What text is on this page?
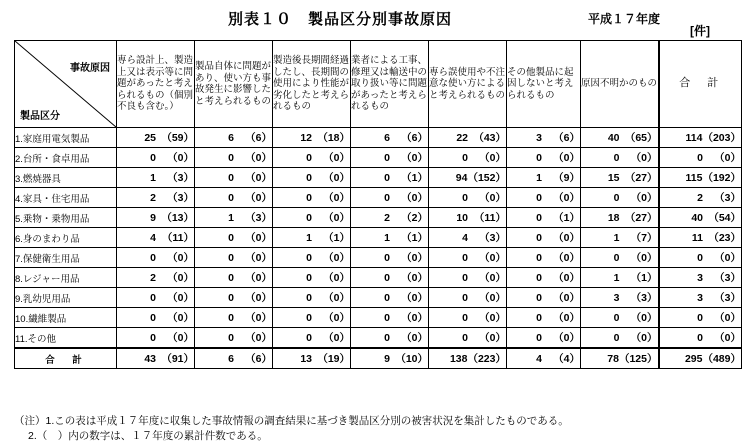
別表１０　製品区分別事故原因	平成１７年度
[件]
事故原因
製品区分	専ら設計上、製造上又は表示等に問題があったと考えられるもの（個別不良も含む。）	製品自体に問題があり、使い方も事故発生に影響したと考えられるもの	製造後長期間経過したし、長期間の使用により性能が劣化したと考えられるもの	業者による工事、修理又は輸送中の取り扱い等に問題があったと考えられるもの	専ら誤使用や不注意な使い方によると考えられるもの	その他製品に起因しないと考えられるもの	原因不明かのもの	合　計
1.家庭用電気製品	25 （59）	6 （6）	12 （18）	6 （6）	22 （43）	3 （6）	40 （65）	114（203）
2.台所・食卓用品	0 （0）	0 （0）	0 （0）	0 （0）	0 （0）	0 （0）	0 （0）	0 （0）
3.燃焼器具	1 （3）	0 （0）	0 （0）	0 （1）	94（152）	1 （9）	15 （27）	115（192）
4.家具・住宅用品	2 （3）	0 （0）	0 （0）	0 （0）	0 （0）	0 （0）	0 （0）	2 （3）
5.乗物・乗物用品	9 （13）	1 （3）	0 （0）	2 （2）	10 （11）	0 （1）	18 （27）	40 （54）
6.身のまわり品	4 （11）	0 （0）	1 （1）	1 （1）	4 （3）	0 （0）	1 （7）	11 （23）
7.保健衛生用品	0 （0）	0 （0）	0 （0）	0 （0）	0 （0）	0 （0）	0 （0）	0 （0）
8.レジャー用品	2 （0）	0 （0）	0 （0）	0 （0）	0 （0）	0 （0）	1 （1）	3 （3）
9.乳幼児用品	0 （0）	0 （0）	0 （0）	0 （0）	0 （0）	0 （0）	3 （3）	3 （3）
10.繊維製品	0 （0）	0 （0）	0 （0）	0 （0）	0 （0）	0 （0）	0 （0）	0 （0）
11.その他	0 （0）	0 （0）	0 （0）	0 （0）	0 （0）	0 （0）	0 （0）	0 （0）
合　計	43 （91）	6 （6）	13 （19）	9 （10）	138（223）	4 （4）	78（125）	295（489）
（注）1.この表は平成１７年度に収集した事故情報の調査結果に基づき製品区分別の被害状況を集計したものである。
2.（　）内の数字は、１７年度の累計件数である。
